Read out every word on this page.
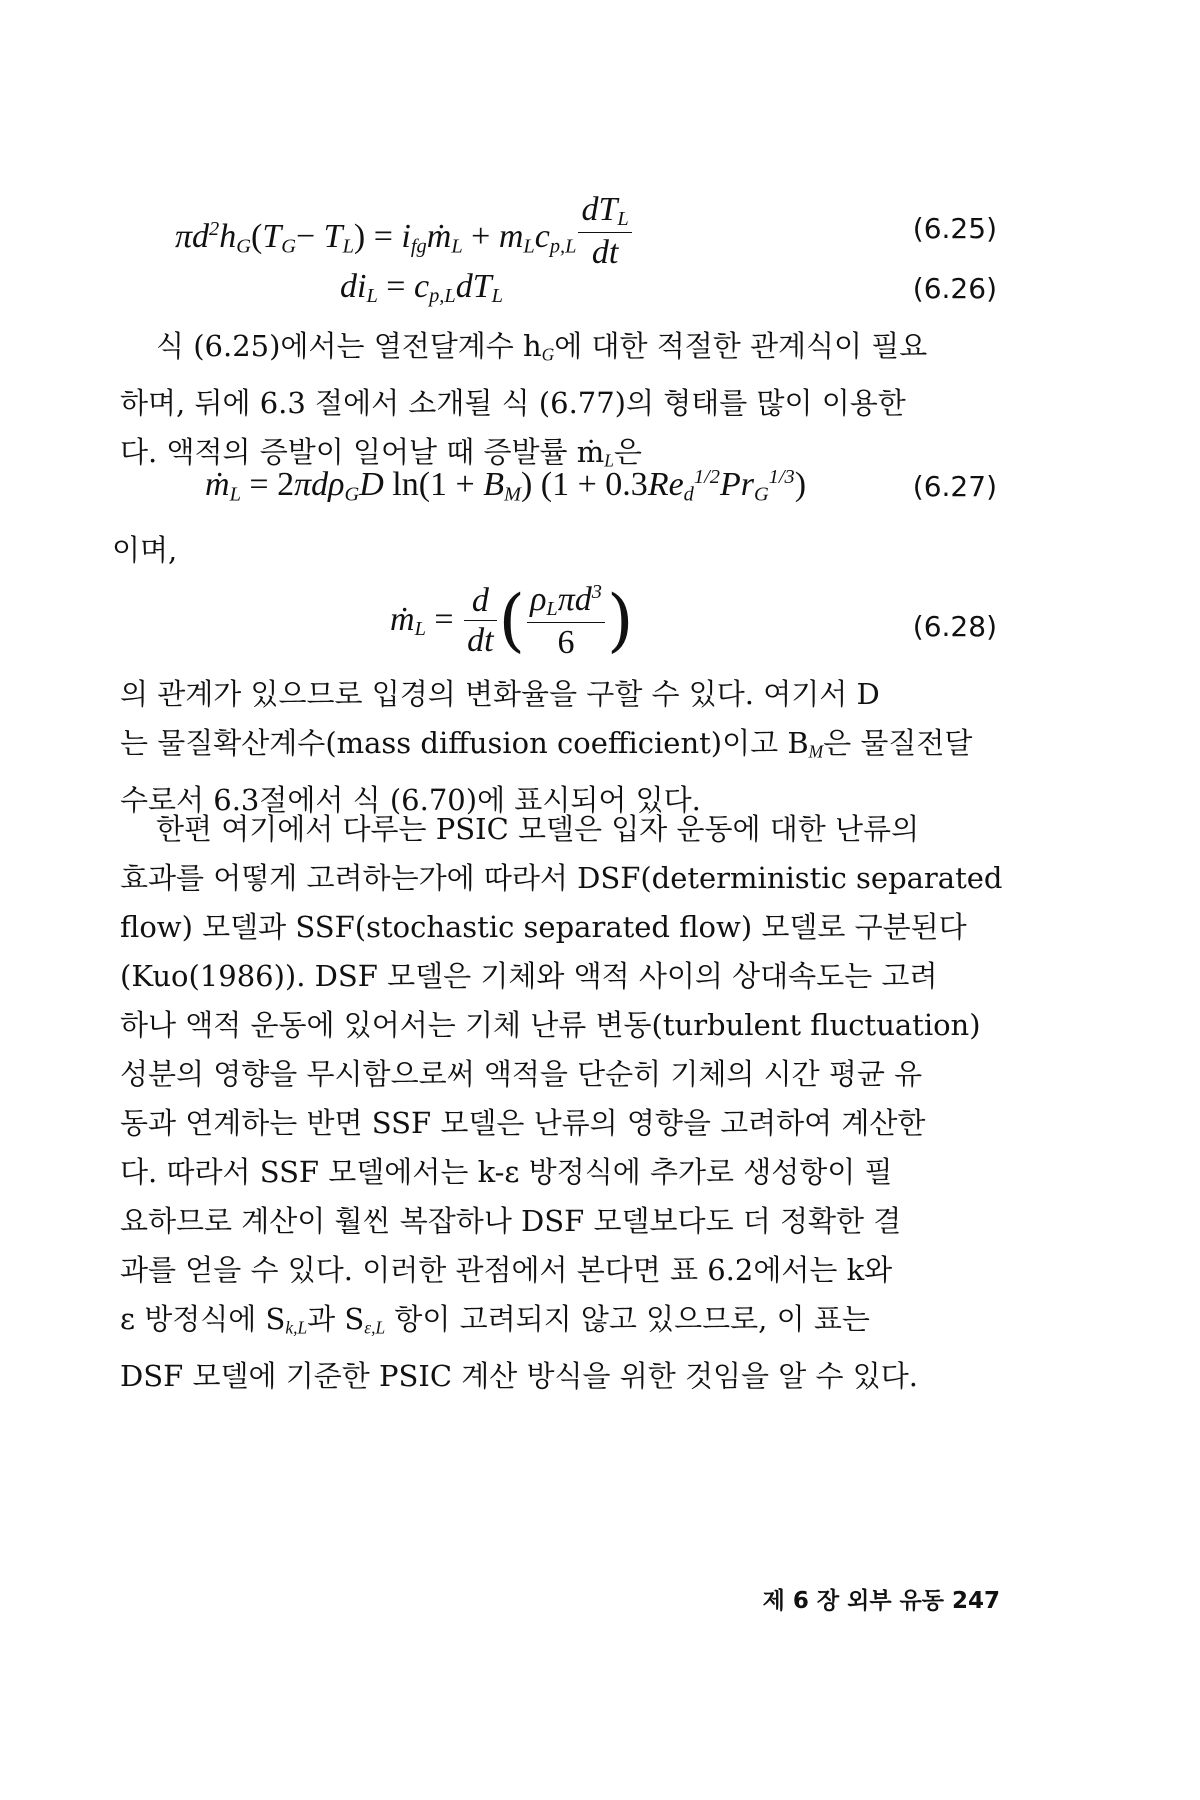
$\pi d^2h_G(T_G- T_L)$ = $i_{fg}ṁ_L + m_Lc_{p,L} \frac{dT_L}{dt}$	(6.25)
$di_L = c_{p,L}dT_L$	(6.26)
식 (6.25)에서는 열전달계수 $h_G$에 대한 적절한 관계식이 필요
하며, 뒤에 6.3 절에서 소개될 식 (6.77)의 형태를 많이 이용한
다. 액적의 증발이 일어날 때 증발률 ṁ$_L$은
ṁ$_L$ = 2πdρ$_G$D $\ln(1 + B_M)$ $(1 + 0.3Re_d^{1/2}Pr_G^{1/3})$	(6.27)
이며,
ṁ$_L$ = $\frac{d}{dt}$ ( $\frac{\rho_L\pi d^3}{6}$ )	(6.28)
의 관계가 있으므로 입경의 변화율을 구할 수 있다. 여기서 D
는 물질확산계수(mass diffusion coefficient)이고 $B_M$은 물질전달
수로서 6.3절에서 식 (6.70)에 표시되어 있다.
한편 여기에서 다루는 PSIC 모델은 입자 운동에 대한 난류의
효과를 어떻게 고려하는가에 따라서 DSF(deterministic separated
flow) 모델과 SSF(stochastic separated flow) 모델로 구분된다
(Kuo(1986)). DSF 모델은 기체와 액적 사이의 상대속도는 고려
하나 액적 운동에 있어서는 기체 난류 변동(turbulent fluctuation)
성분의 영향을 무시함으로써 액적을 단순히 기체의 시간 평균 유
동과 연계하는 반면 SSF 모델은 난류의 영향을 고려하여 계산한
다. 따라서 SSF 모델에서는 k-ε 방정식에 추가로 생성항이 필
요하므로 계산이 훨씬 복잡하나 DSF 모델보다도 더 정확한 결
과를 얻을 수 있다. 이러한 관점에서 본다면 표 6.2에서는 k와
ε 방정식에 $S_{k,L}$과 $S_{\varepsilon,L}$ 항이 고려되지 않고 있으므로, 이 표는
DSF 모델에 기준한 PSIC 계산 방식을 위한 것임을 알 수 있다.
제 6 장 외부 유동 247
